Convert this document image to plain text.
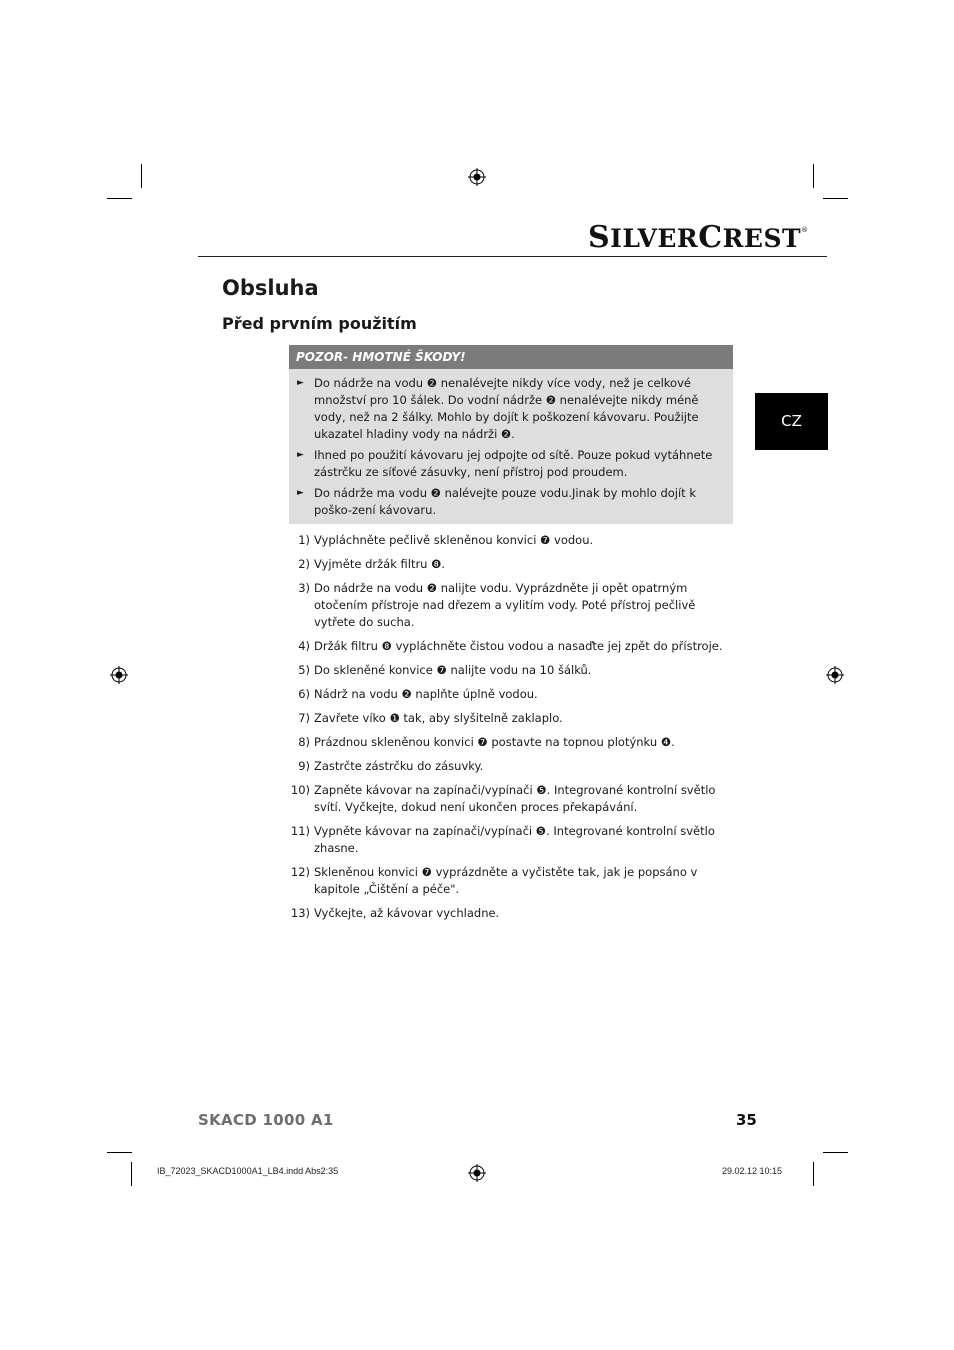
SILVERCREST®
Obsluha
Před prvním použitím
POZOR- HMOTNÉ ŠKODY!
► Do nádrže na vodu ❷ nenalévejte nikdy více vody, než je celkové množství pro 10 šálek. Do vodní nádrže ❷ nenalévejte nikdy méně vody, než na 2 šálky. Mohlo by dojít k poškození kávovaru. Použijte ukazatel hladiny vody na nádrži ❷.
► Ihned po použití kávovaru jej odpojte od sítě. Pouze pokud vytáhnete zástrčku ze síťové zásuvky, není přístroj pod proudem.
► Do nádrže ma vodu ❷ nalévejte pouze vodu.Jinak by mohlo dojít k poško-zení kávovaru.
1) Vypláchněte pečlivě skleněnou konvici ❼ vodou.
2) Vyjměte držák filtru ❽.
3) Do nádrže na vodu ❷ nalijte vodu. Vyprázdněte ji opět opatrným otočením přístroje nad dřezem a vylitím vody. Poté přístroj pečlivě vytřete do sucha.
4) Držák filtru ❽ vypláchněte čistou vodou a nasaďte jej zpět do přístroje.
5) Do skleněné konvice ❼ nalijte vodu na 10 šálků.
6) Nádrž na vodu ❷ naplňte úplně vodou.
7) Zavřete víko ❶ tak, aby slyšitelně zaklaplo.
8) Prázdnou skleněnou konvici ❼ postavte na topnou plotýnku ❹.
9) Zastrčte zástrčku do zásuvky.
10) Zapněte kávovar na zapínači/vypínači ❺. Integrované kontrolní světlo svítí. Vyčkejte, dokud není ukončen proces překapávání.
11) Vypněte kávovar na zapínači/vypínači ❺. Integrované kontrolní světlo zhasne.
12) Skleněnou konvici ❼ vyprázdněte a vyčistěte tak, jak je popsáno v kapitole „Čištění a péče".
13) Vyčkejte, až kávovar vychladne.
CZ
SKACD 1000 A1	35
IB_72023_SKACD1000A1_LB4.indd Abs2:35	29.02.12 10:15
